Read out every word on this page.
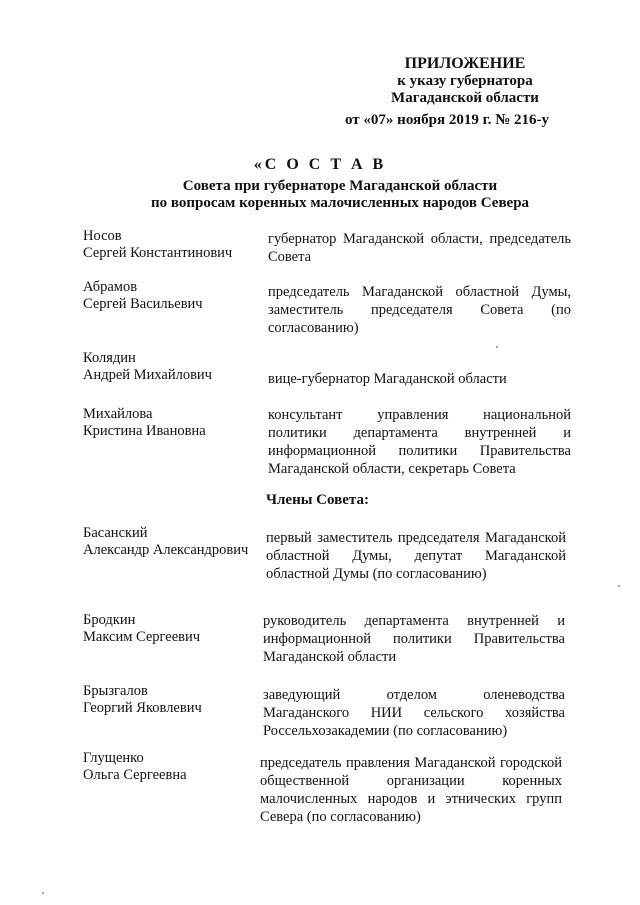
ПРИЛОЖЕНИЕ
к указу губернатора
Магаданской области
от «07» ноября 2019 г. № 216-у
«С О С Т А В
Совета при губернаторе Магаданской области
по вопросам коренных малочисленных народов Севера
Носов
Сергей Константинович
губернатор Магаданской области, председатель Совета
Абрамов
Сергей Васильевич
председатель Магаданской областной Думы, заместитель председателя Совета (по согласованию)
Колядин
Андрей Михайлович	вице-губернатор Магаданской области
Михайлова
Кристина Ивановна
консультант управления национальной политики департамента внутренней и информационной политики Правительства Магаданской области, секретарь Совета
Члены Совета:
Басанский
Александр Александрович
первый заместитель председателя Магаданской областной Думы, депутат Магаданской областной Думы (по согласованию)
Бродкин
Максим Сергеевич
руководитель департамента внутренней и информационной политики Правительства Магаданской области
Брызгалов
Георгий Яковлевич
заведующий отделом оленеводства Магаданского НИИ сельского хозяйства Россельхозакадемии (по согласованию)
Глущенко
Ольга Сергеевна
председатель правления Магаданской городской общественной организации коренных малочисленных народов и этнических групп Севера (по согласованию)
